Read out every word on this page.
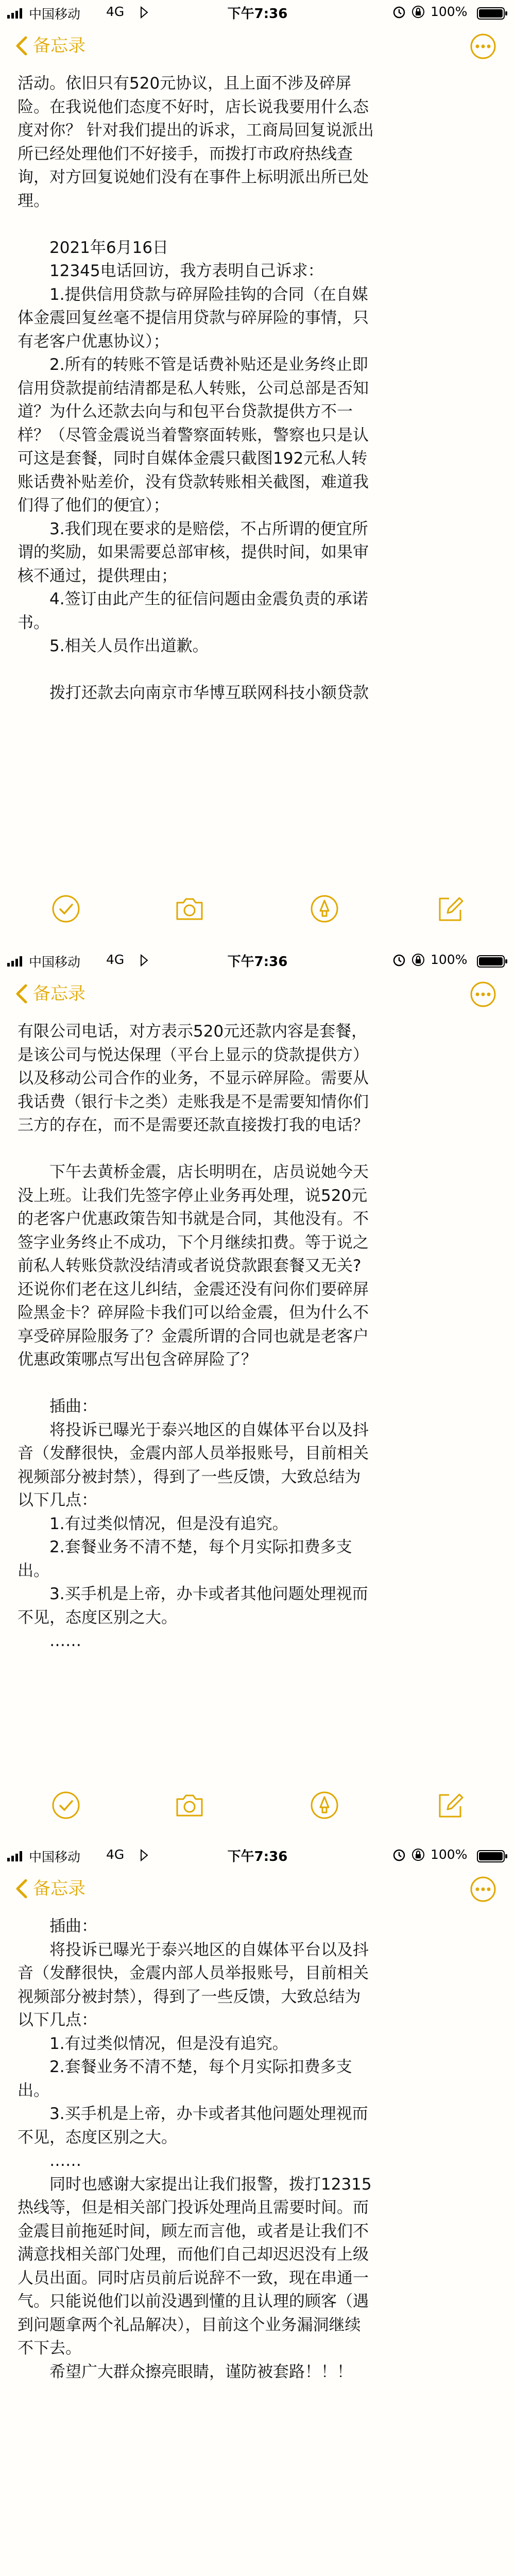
中国移动 4G	下午7:36	100%
备忘录

活动。依旧只有520元协议，且上面不涉及碎屏

险。在我说他们态度不好时，店长说我要用什么态

度对你？ 针对我们提出的诉求，工商局回复说派出

所已经处理他们不好接手，而拨打市政府热线查

询，对方回复说她们没有在事件上标明派出所已处

理。

2021年6月16日

12345电话回访，我方表明自己诉求：

1.提供信用贷款与碎屏险挂钩的合同（在自媒

体金震回复丝毫不提信用贷款与碎屏险的事情，只

有老客户优惠协议）；

2.所有的转账不管是话费补贴还是业务终止即

信用贷款提前结清都是私人转账，公司总部是否知

道？为什么还款去向与和包平台贷款提供方不一

样？（尽管金震说当着警察面转账，警察也只是认

可这是套餐，同时自媒体金震只截图192元私人转

账话费补贴差价，没有贷款转账相关截图，难道我

们得了他们的便宜）；

3.我们现在要求的是赔偿，不占所谓的便宜所

谓的奖励，如果需要总部审核，提供时间，如果审

核不通过，提供理由；

4.签订由此产生的征信问题由金震负责的承诺

书。

5.相关人员作出道歉。

拨打还款去向南京市华博互联网科技小额贷款

中国移动 4G	下午7:36	100%
备忘录

有限公司电话，对方表示520元还款内容是套餐，

是该公司与悦达保理（平台上显示的贷款提供方）

以及移动公司合作的业务，不显示碎屏险。需要从

我话费（银行卡之类）走账我是不是需要知情你们

三方的存在，而不是需要还款直接拨打我的电话？

下午去黄桥金震，店长明明在，店员说她今天

没上班。让我们先签字停止业务再处理，说520元

的老客户优惠政策告知书就是合同，其他没有。不

签字业务终止不成功，下个月继续扣费。等于说之

前私人转账贷款没结清或者说贷款跟套餐又无关?

还说你们老在这儿纠结，金震还没有问你们要碎屏

险黑金卡？碎屏险卡我们可以给金震，但为什么不

享受碎屏险服务了？金震所谓的合同也就是老客户

优惠政策哪点写出包含碎屏险了？

插曲：

将投诉已曝光于泰兴地区的自媒体平台以及抖

音（发酵很快，金震内部人员举报账号，目前相关

视频部分被封禁），得到了一些反馈，大致总结为

以下几点：

1.有过类似情况，但是没有追究。

2.套餐业务不清不楚，每个月实际扣费多支

出。

3.买手机是上帝，办卡或者其他问题处理视而

不见，态度区别之大。

……

中国移动 4G	下午7:36	100%
备忘录

插曲：

将投诉已曝光于泰兴地区的自媒体平台以及抖

音（发酵很快，金震内部人员举报账号，目前相关

视频部分被封禁），得到了一些反馈，大致总结为

以下几点：

1.有过类似情况，但是没有追究。

2.套餐业务不清不楚，每个月实际扣费多支

出。

3.买手机是上帝，办卡或者其他问题处理视而

不见，态度区别之大。

……

同时也感谢大家提出让我们报警，拨打12315

热线等，但是相关部门投诉处理尚且需要时间。而

金震目前拖延时间，顾左而言他，或者是让我们不

满意找相关部门处理，而他们自己却迟迟没有上级

人员出面。同时店员前后说辞不一致，现在串通一

气。只能说他们以前没遇到懂的且认理的顾客（遇

到问题拿两个礼品解决），目前这个业务漏洞继续

不下去。

希望广大群众擦亮眼睛，谨防被套路！！！
